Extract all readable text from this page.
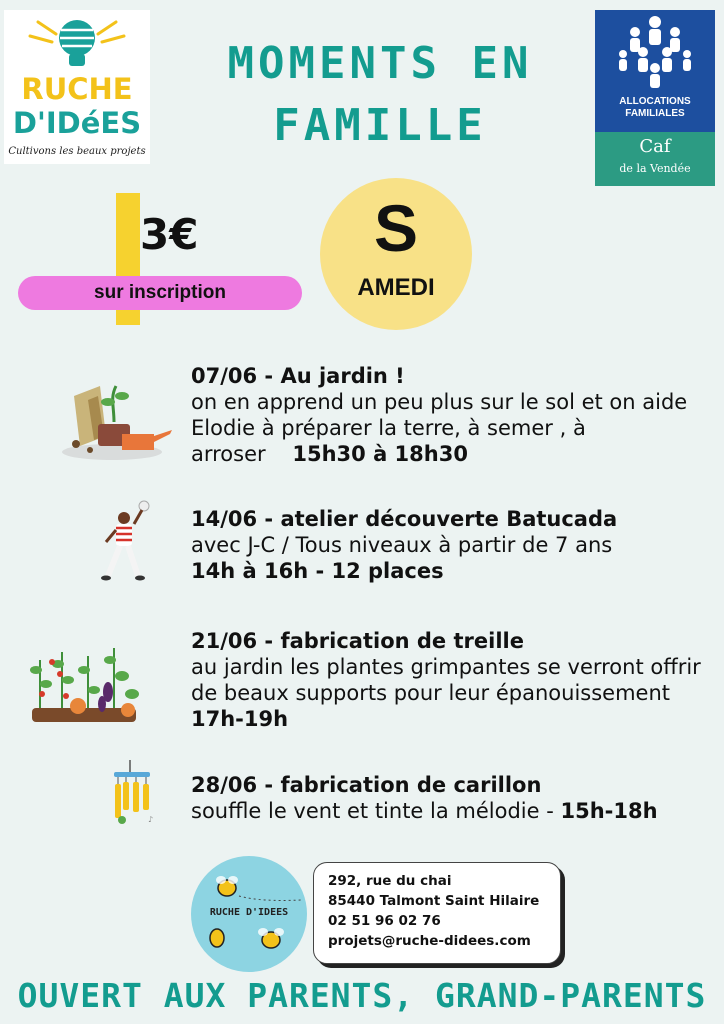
RUCHE
D'IDéES
Cultivons les beaux projets
MOMENTS EN
FAMILLE	ALLOCATIONS
FAMILIALES
Caf
de la Vendée
3€
sur inscription
S
AMEDI
♪
07/06 - Au jardin !
on en apprend un peu plus sur le sol et on aide Elodie à préparer la terre, à semer , à arroser 15h30 à 18h30
14/06 - atelier découverte Batucada
avec J-C / Tous niveaux à partir de 7 ans
14h à 16h - 12 places
21/06 - fabrication de treille
au jardin les plantes grimpantes se verront offrir de beaux supports pour leur épanouissement 17h-19h
28/06 - fabrication de carillon
souffle le vent et tinte la mélodie - 15h-18h
RUCHE D'IDEES
292, rue du chai
85440 Talmont Saint Hilaire
02 51 96 02 76
projets@ruche-didees.com
OUVERT AUX PARENTS, GRAND-PARENTS
